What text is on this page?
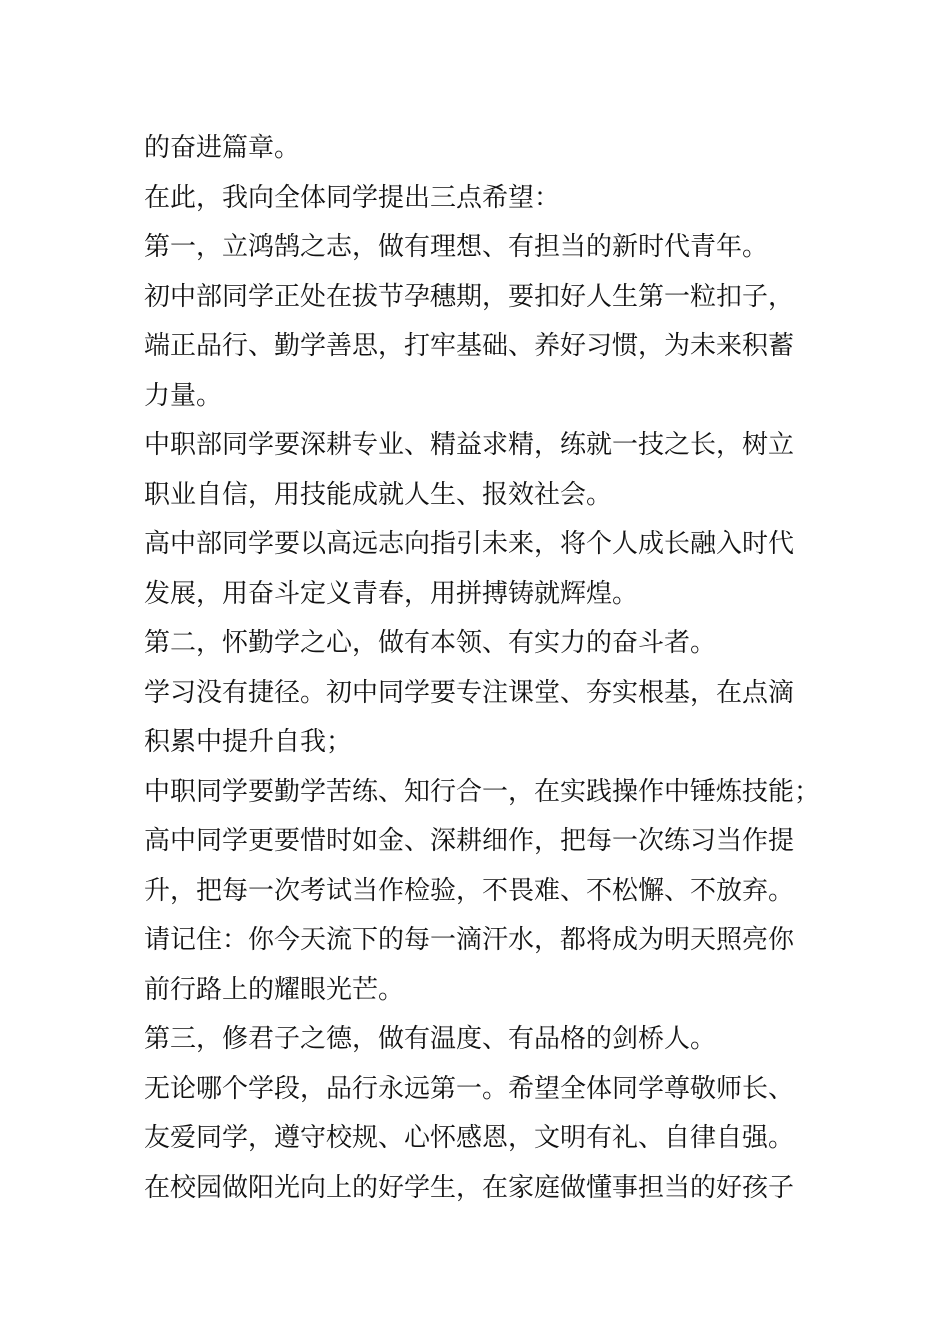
的奋进篇章。
在此，我向全体同学提出三点希望：
第一，立鸿鹄之志，做有理想、有担当的新时代青年。
初中部同学正处在拔节孕穗期，要扣好人生第一粒扣子，
端正品行、勤学善思，打牢基础、养好习惯，为未来积蓄
力量。
中职部同学要深耕专业、精益求精，练就一技之长，树立
职业自信，用技能成就人生、报效社会。
高中部同学要以高远志向指引未来，将个人成长融入时代
发展，用奋斗定义青春，用拼搏铸就辉煌。
第二，怀勤学之心，做有本领、有实力的奋斗者。
学习没有捷径。初中同学要专注课堂、夯实根基，在点滴
积累中提升自我；
中职同学要勤学苦练、知行合一，在实践操作中锤炼技能；
高中同学更要惜时如金、深耕细作，把每一次练习当作提
升，把每一次考试当作检验，不畏难、不松懈、不放弃。
请记住：你今天流下的每一滴汗水，都将成为明天照亮你
前行路上的耀眼光芒。
第三，修君子之德，做有温度、有品格的剑桥人。
无论哪个学段，品行永远第一。希望全体同学尊敬师长、
友爱同学，遵守校规、心怀感恩，文明有礼、自律自强。
在校园做阳光向上的好学生，在家庭做懂事担当的好孩子
